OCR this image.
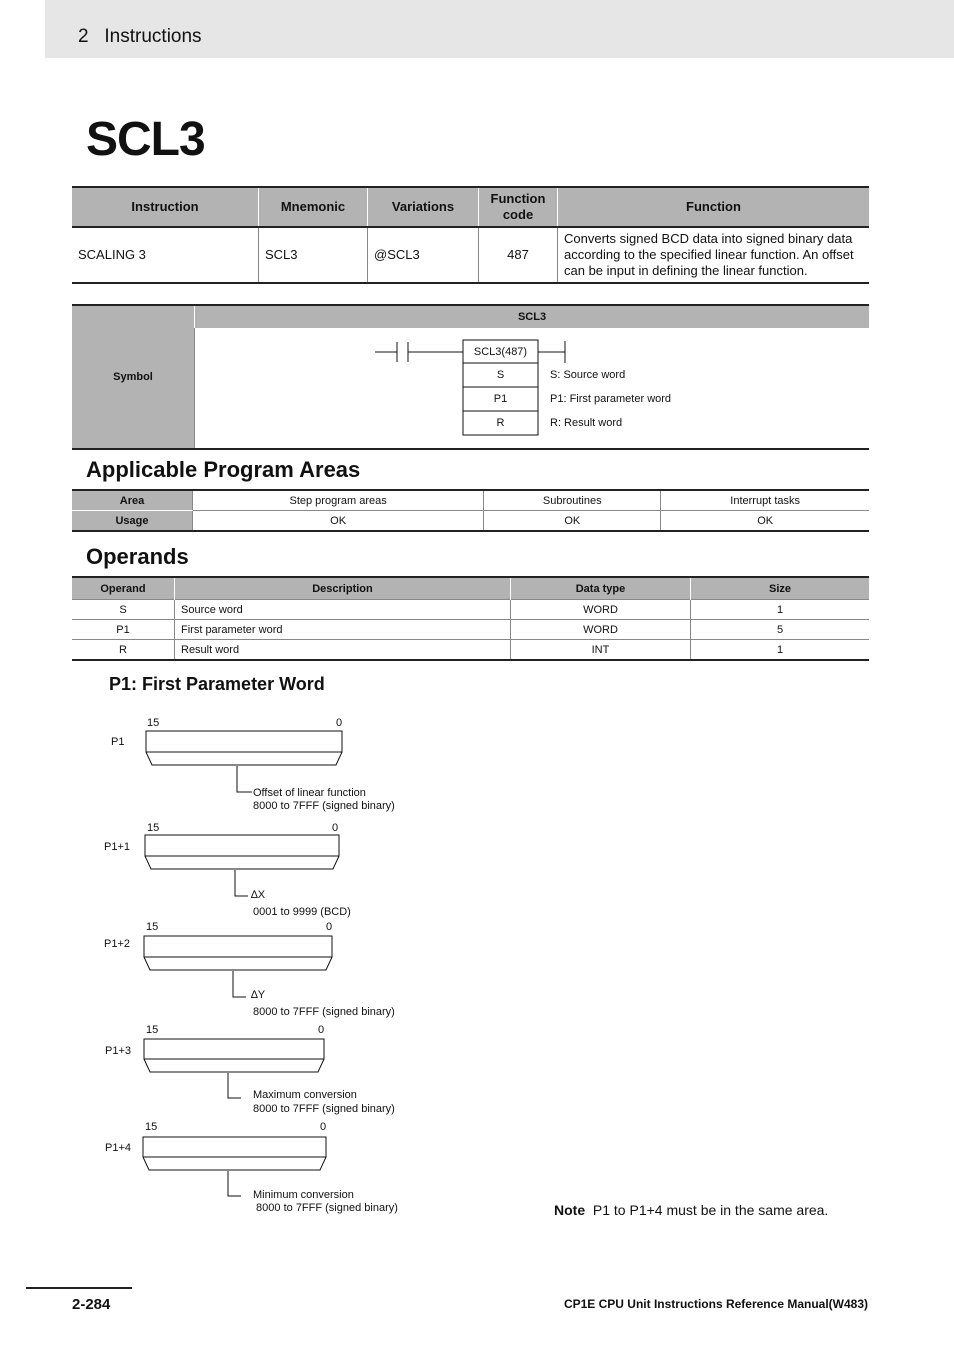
2   Instructions
SCL3
Instruction	Mnemonic	Variations	Function code	Function
SCALING 3	SCL3	@SCL3	487	Converts signed BCD data into signed binary data according to the specified linear function. An offset can be input in defining the linear function.
Symbol	SCL3

SCL3(487)
S
P1
R
S: Source word
P1: First parameter word
R: Result word
Applicable Program Areas
Area	Step program areas	Subroutines	Interrupt tasks
Usage	OK	OK	OK
Operands
Operand	Description	Data type	Size
S	Source word	WORD	1
P1	First parameter word	WORD	5
R	Result word	INT	1
P1: First Parameter Word
15	0
P1
Offset of linear function
8000 to 7FFF (signed binary)
15	0
P1+1
∆X
0001 to 9999 (BCD)
15	0
P1+2
∆Y
8000 to 7FFF (signed binary)
15	0
P1+3
Maximum conversion
8000 to 7FFF (signed binary)
15	0
P1+4
Minimum conversion
8000 to 7FFF (signed binary)	Note P1 to P1+4 must be in the same area.
2-284	CP1E CPU Unit Instructions Reference Manual(W483)
